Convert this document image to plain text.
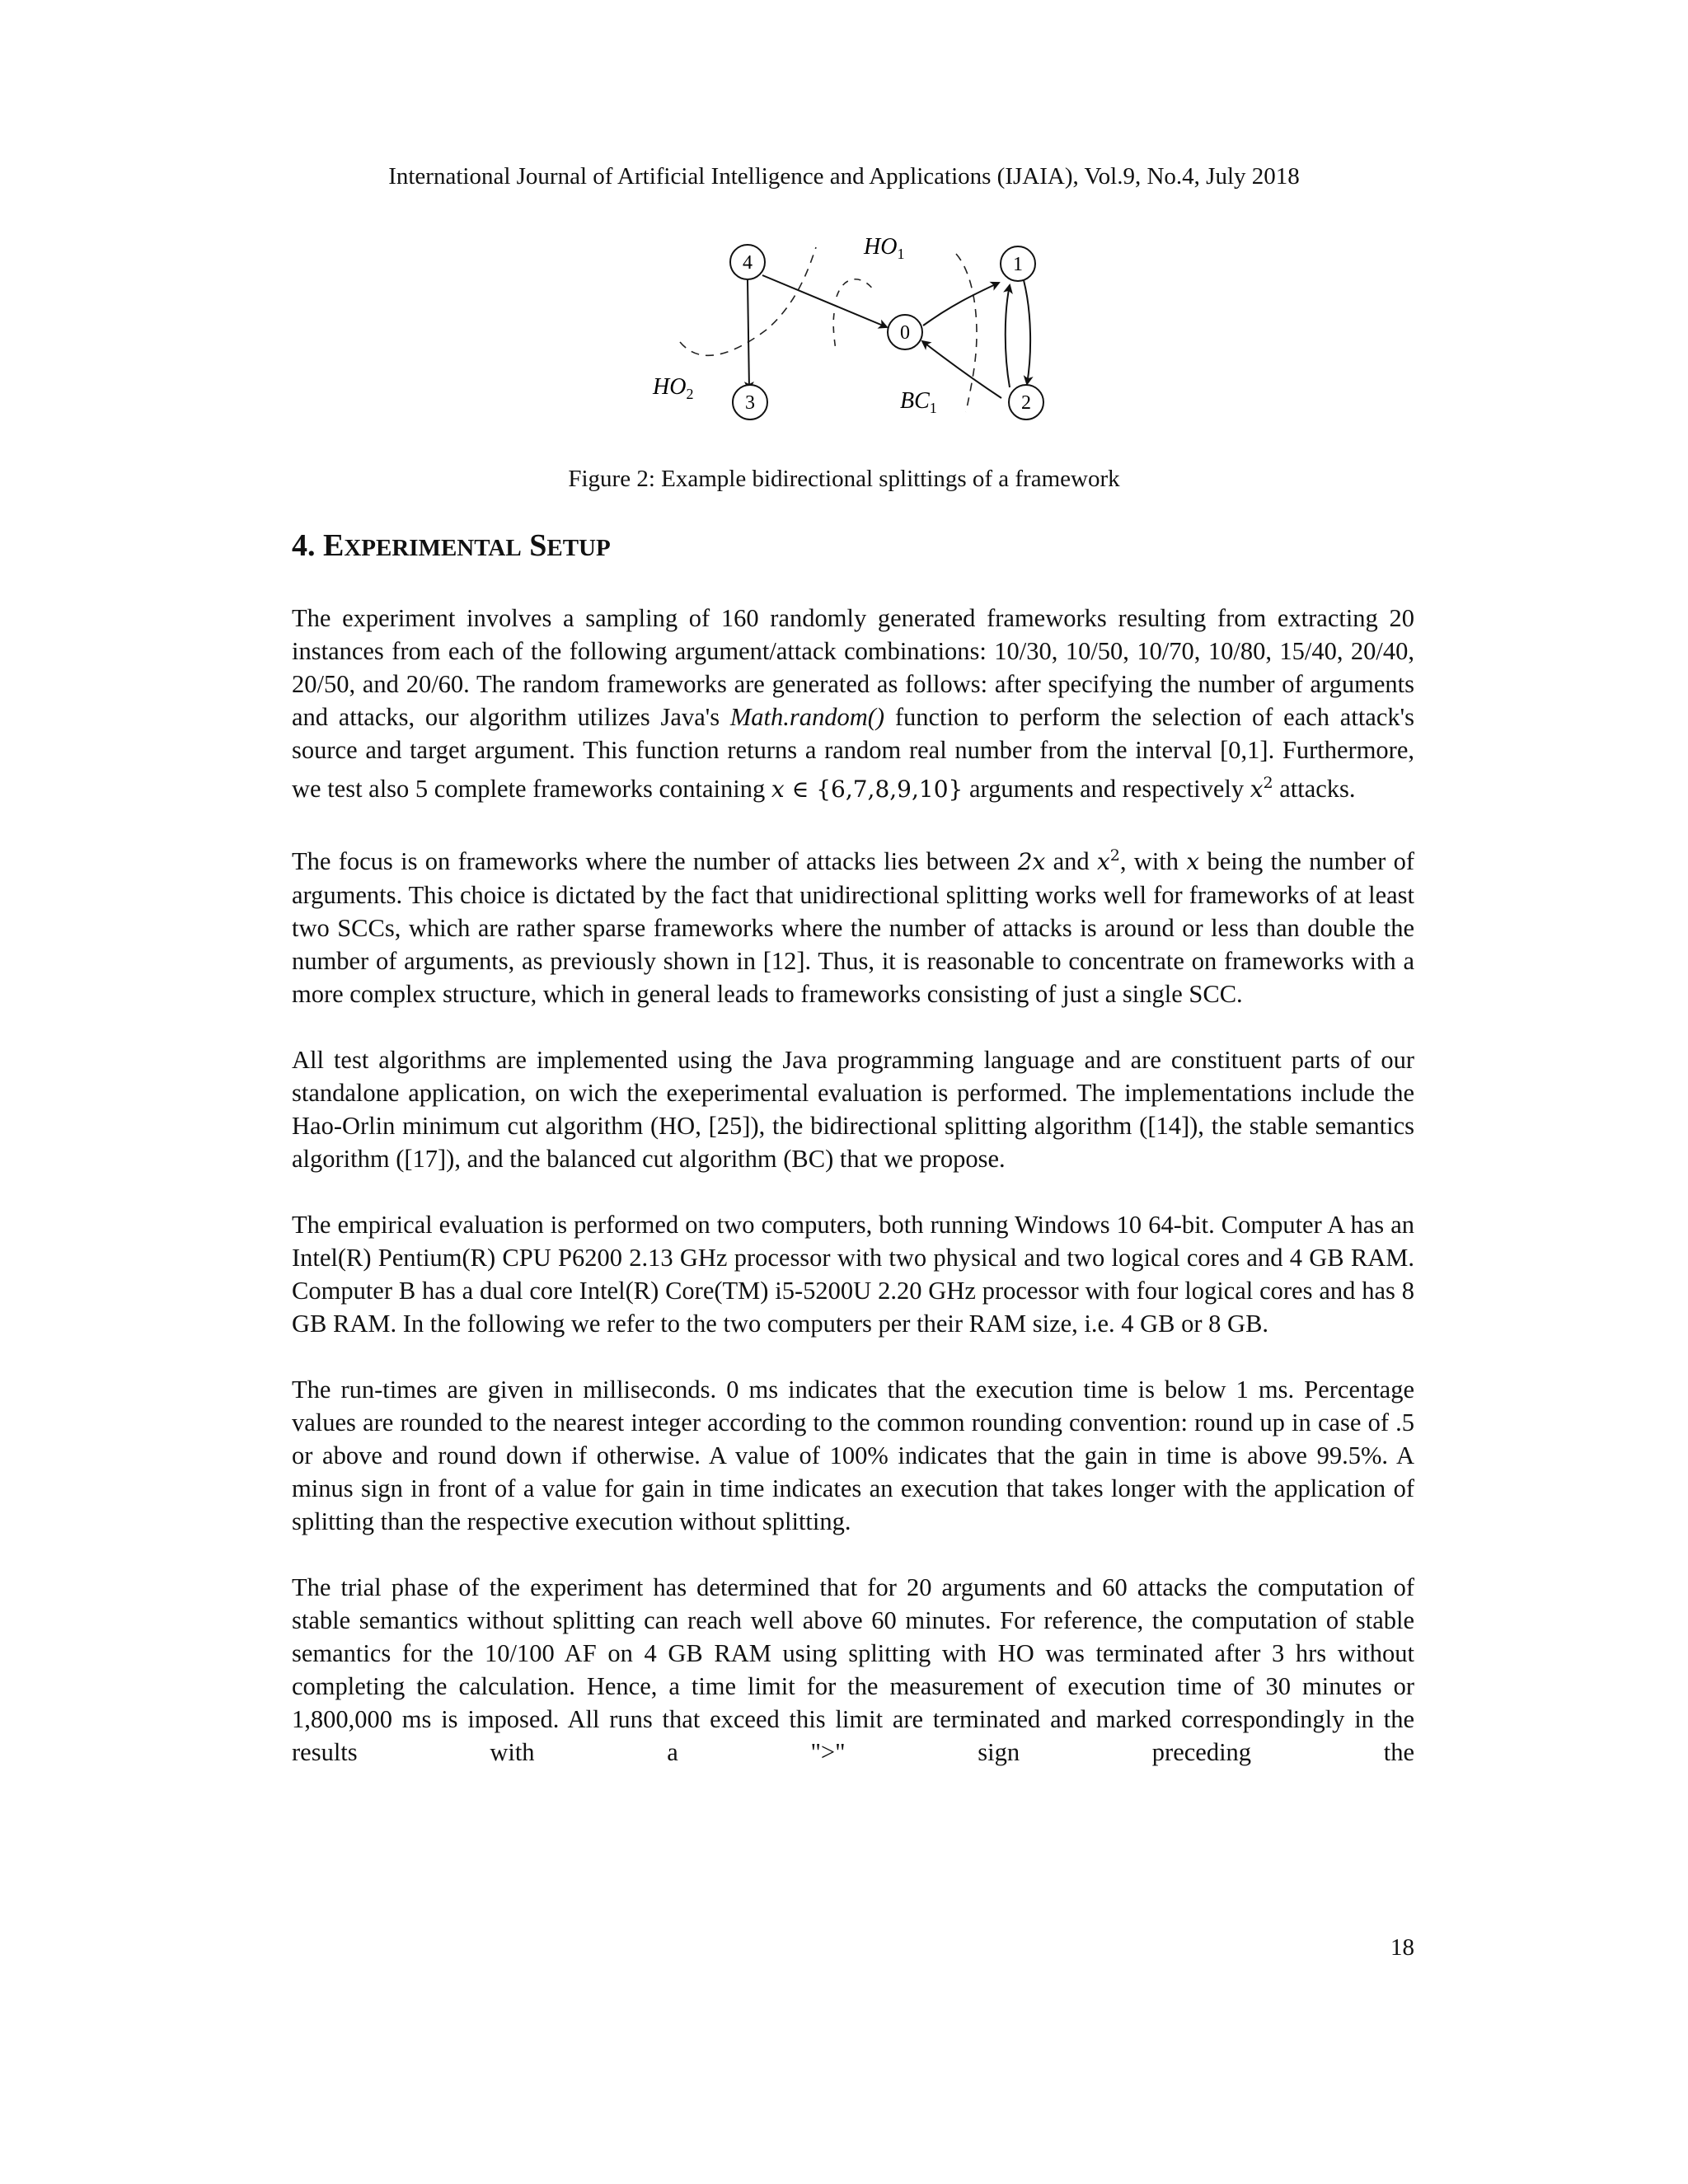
International Journal of Artificial Intelligence and Applications (IJAIA), Vol.9, No.4, July 2018
4	1
0
3	2
$HO_1$
$HO_2$	$BC_1$
Figure 2: Example bidirectional splittings of a framework
4. EXPERIMENTAL SETUP

The experiment involves a sampling of 160 randomly generated frameworks resulting from extracting 20 instances from each of the following argument/attack combinations: 10/30, 10/50, 10/70, 10/80, 15/40, 20/40, 20/50, and 20/60. The random frameworks are generated as follows: after specifying the number of arguments and attacks, our algorithm utilizes Java's Math.random() function to perform the selection of each attack's source and target argument. This function returns a random real number from the interval [0,1]. Furthermore, we test also 5 complete frameworks containing x ∈ {6,7,8,9,10} arguments and respectively $x^2$ attacks.

The focus is on frameworks where the number of attacks lies between 2x and $x^2$, with x being the number of arguments. This choice is dictated by the fact that unidirectional splitting works well for frameworks of at least two SCCs, which are rather sparse frameworks where the number of attacks is around or less than double the number of arguments, as previously shown in [12]. Thus, it is reasonable to concentrate on frameworks with a more complex structure, which in general leads to frameworks consisting of just a single SCC.

All test algorithms are implemented using the Java programming language and are constituent parts of our standalone application, on wich the exeperimental evaluation is performed. The implementations include the Hao-Orlin minimum cut algorithm (HO, [25]), the bidirectional splitting algorithm ([14]), the stable semantics algorithm ([17]), and the balanced cut algorithm (BC) that we propose.

The empirical evaluation is performed on two computers, both running Windows 10 64-bit. Computer A has an Intel(R) Pentium(R) CPU P6200 2.13 GHz processor with two physical and two logical cores and 4 GB RAM. Computer B has a dual core Intel(R) Core(TM) i5-5200U 2.20 GHz processor with four logical cores and has 8 GB RAM. In the following we refer to the two computers per their RAM size, i.e. 4 GB or 8 GB.

The run-times are given in milliseconds. 0 ms indicates that the execution time is below 1 ms. Percentage values are rounded to the nearest integer according to the common rounding convention: round up in case of .5 or above and round down if otherwise. A value of 100% indicates that the gain in time is above 99.5%. A minus sign in front of a value for gain in time indicates an execution that takes longer with the application of splitting than the respective execution without splitting.

The trial phase of the experiment has determined that for 20 arguments and 60 attacks the computation of stable semantics without splitting can reach well above 60 minutes. For reference, the computation of stable semantics for the 10/100 AF on 4 GB RAM using splitting with HO was terminated after 3 hrs without completing the calculation. Hence, a time limit for the measurement of execution time of 30 minutes or 1,800,000 ms is imposed. All runs that exceed this limit are terminated and marked correspondingly in the results with a ">" sign preceding the

18
